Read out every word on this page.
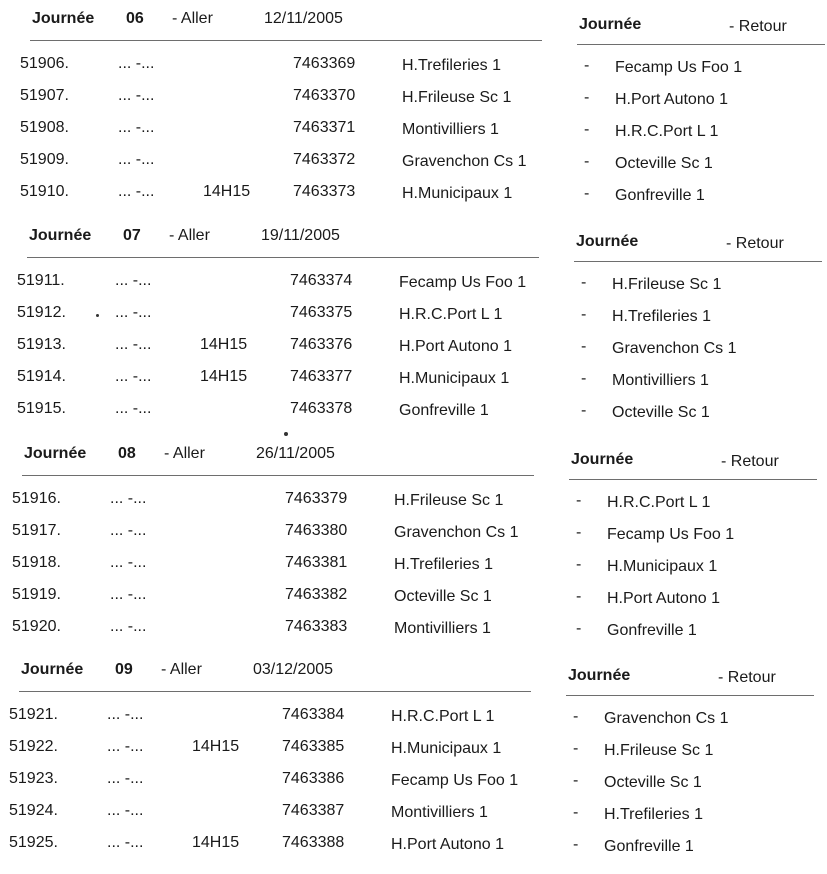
Journée 06 - Aller	12/11/2005	Journée	- Retour
51906.	... -...	7463369	H.Trefileries 1	- Fecamp Us Foo 1
51907.	... -...	7463370	H.Frileuse Sc 1	- H.Port Autono 1
51908.	... -...	7463371	Montivilliers 1	- H.R.C.Port L 1
51909.	... -...	7463372	Gravenchon Cs 1	- Octeville Sc 1
51910.	... -...	14H15	7463373	H.Municipaux 1	- Gonfreville 1
Journée 07 - Aller	19/11/2005	Journée	- Retour
51911.	... -...	7463374	Fecamp Us Foo 1	- H.Frileuse Sc 1
51912.	... -...	7463375	H.R.C.Port L 1	- H.Trefileries 1
51913.	... -...	14H15	7463376	H.Port Autono 1	- Gravenchon Cs 1
51914.	... -...	14H15	7463377	H.Municipaux 1	- Montivilliers 1
51915.	... -...	7463378	Gonfreville 1	- Octeville Sc 1
Journée 08 - Aller	26/11/2005	Journée	- Retour
51916.	... -...	7463379	H.Frileuse Sc 1	- H.R.C.Port L 1
51917.	... -...	7463380	Gravenchon Cs 1	- Fecamp Us Foo 1
51918.	... -...	7463381	H.Trefileries 1	- H.Municipaux 1
51919.	... -...	7463382	Octeville Sc 1	- H.Port Autono 1
51920.	... -...	7463383	Montivilliers 1	- Gonfreville 1
Journée 09 - Aller	03/12/2005	Journée	- Retour
51921.	... -...	7463384	H.R.C.Port L 1	- Gravenchon Cs 1
51922.	... -...	14H15	7463385	H.Municipaux 1	- H.Frileuse Sc 1
51923.	... -...	7463386	Fecamp Us Foo 1	- Octeville Sc 1
51924.	... -...	7463387	Montivilliers 1	- H.Trefileries 1
51925.	... -...	14H15	7463388	H.Port Autono 1	- Gonfreville 1
